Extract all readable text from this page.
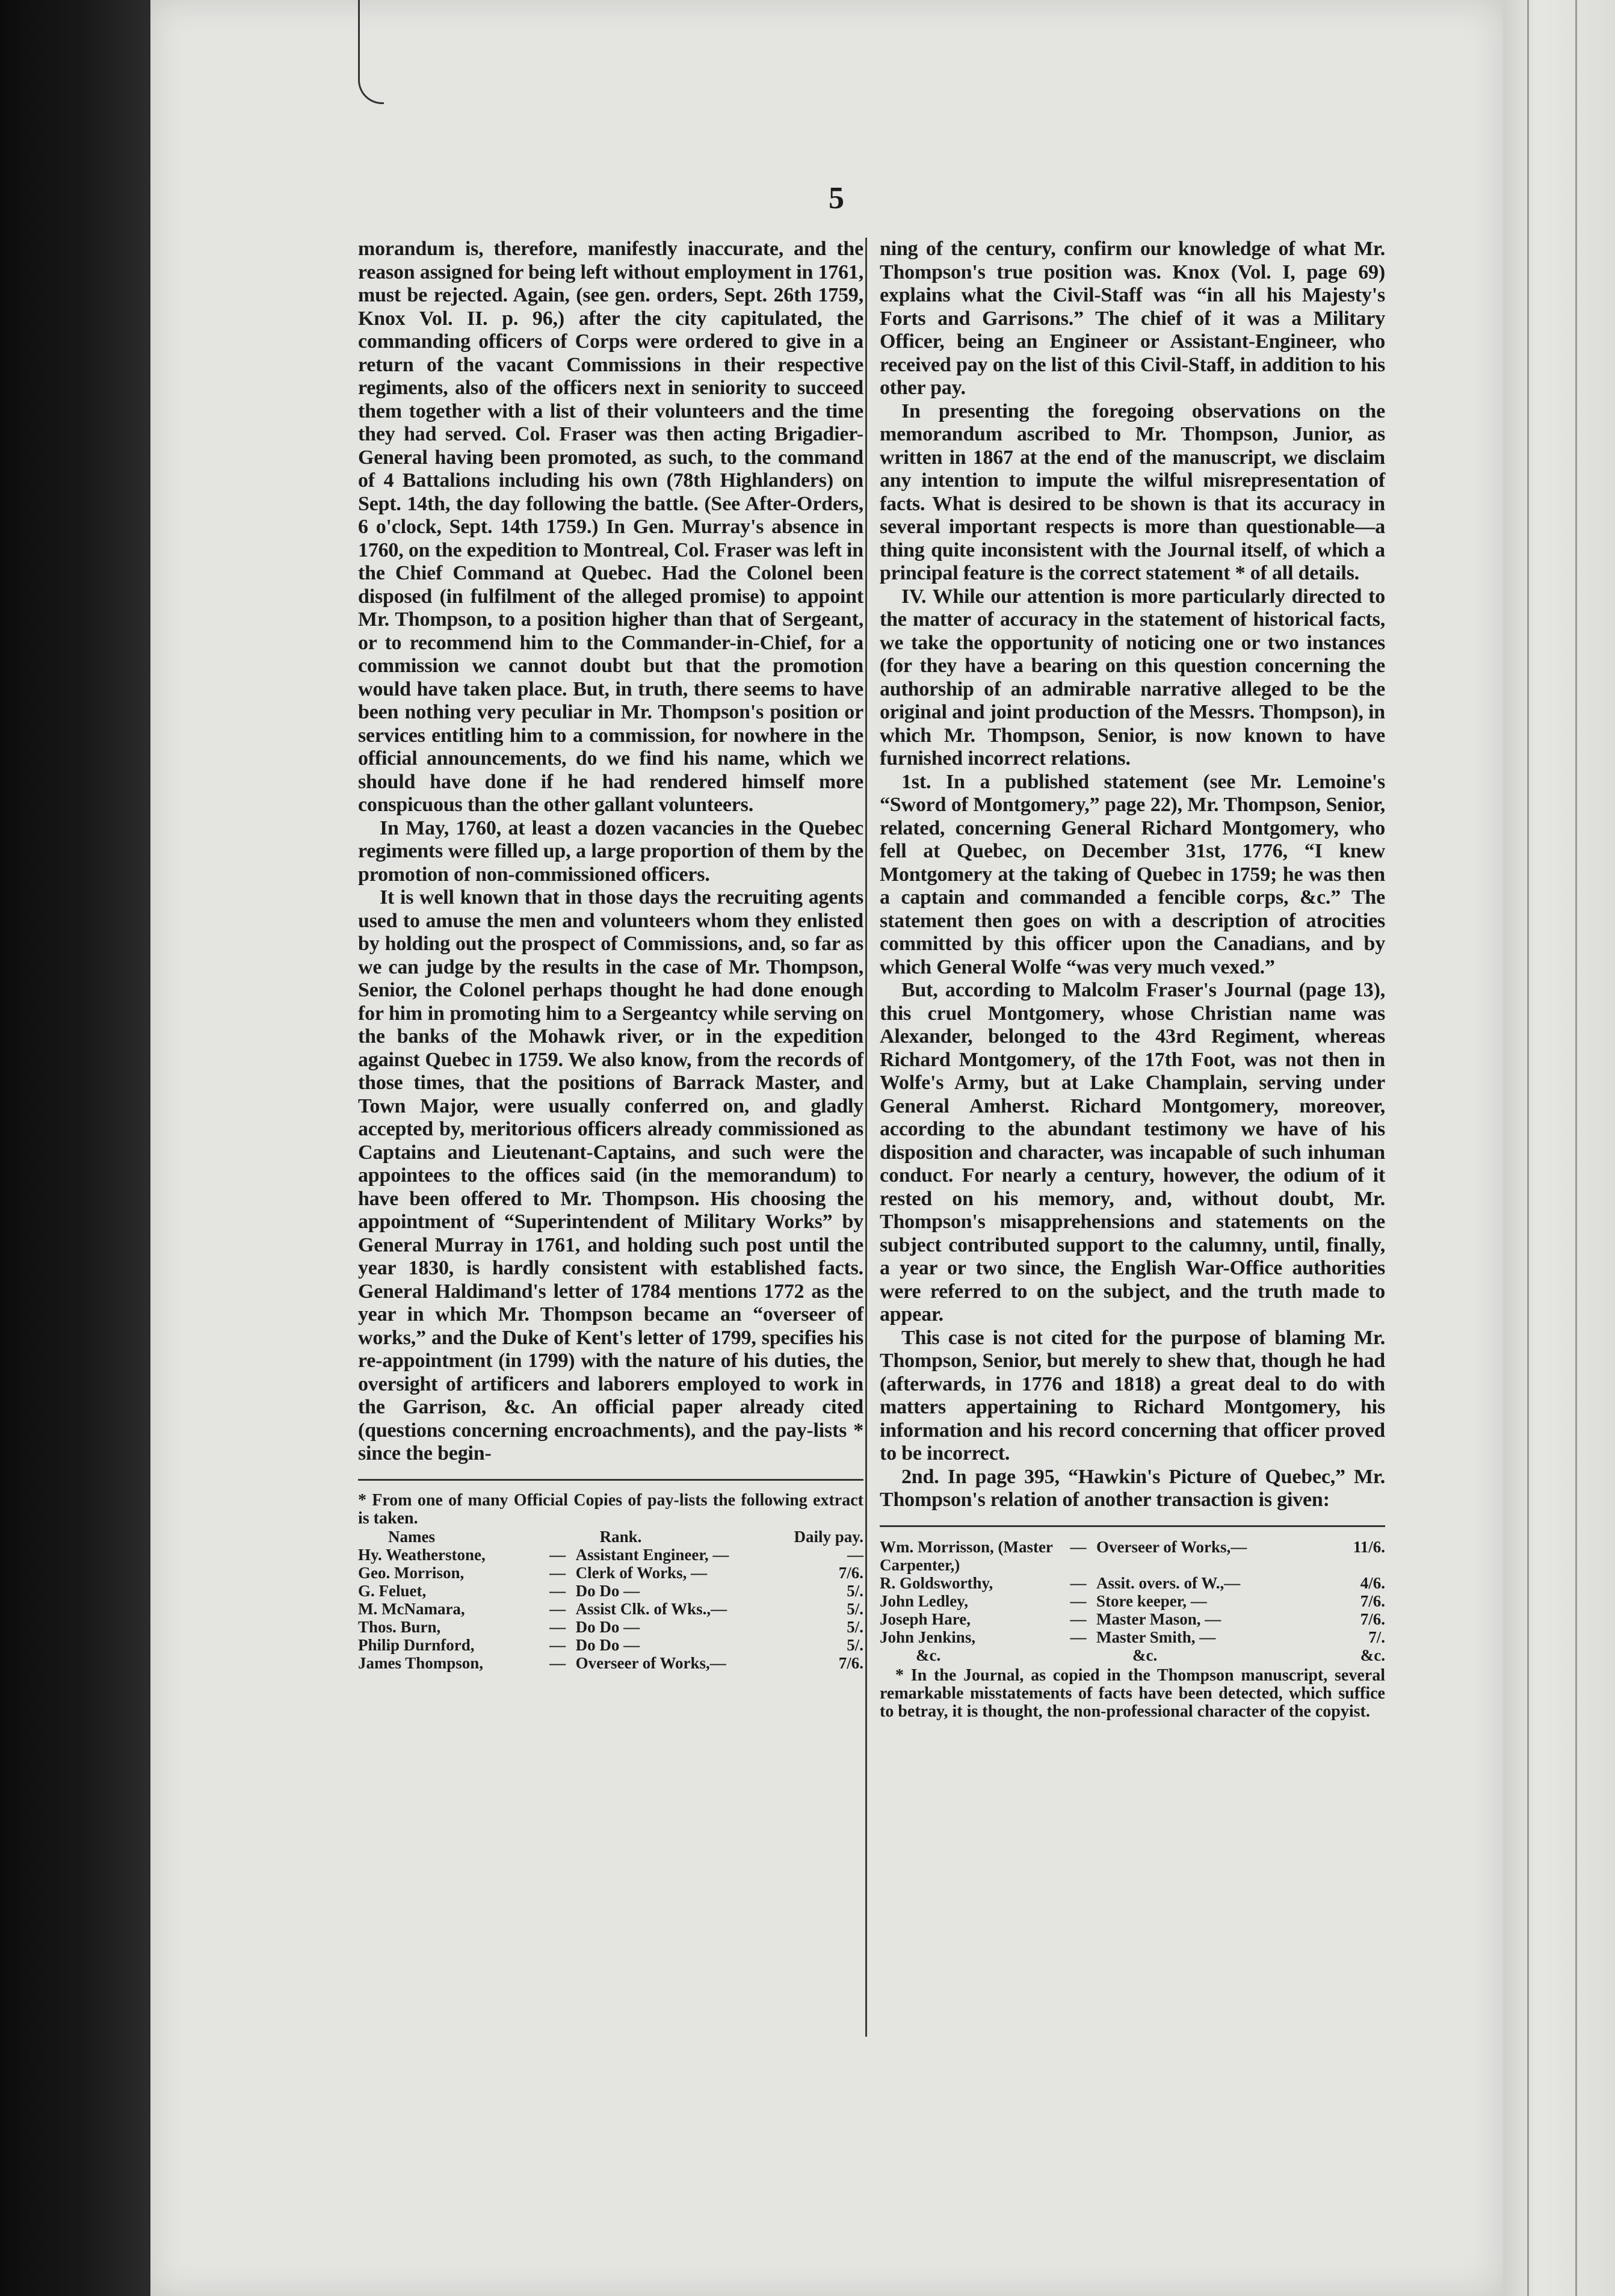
5

morandum is, therefore, manifestly inaccurate, and the reason assigned for being left without employment in 1761, must be rejected. Again, (see gen. orders, Sept. 26th 1759, Knox Vol. II. p. 96,) after the city capitulated, the commanding officers of Corps were ordered to give in a return of the vacant Commissions in their respective regiments, also of the officers next in seniority to succeed them together with a list of their volunteers and the time they had served. Col. Fraser was then acting Brigadier-General having been promoted, as such, to the command of 4 Battalions including his own (78th Highlanders) on Sept. 14th, the day following the battle. (See After-Orders, 6 o'clock, Sept. 14th 1759.) In Gen. Murray's absence in 1760, on the expedition to Montreal, Col. Fraser was left in the Chief Command at Quebec. Had the Colonel been disposed (in fulfilment of the alleged promise) to appoint Mr. Thompson, to a position higher than that of Sergeant, or to recommend him to the Commander-in-Chief, for a commission we cannot doubt but that the promotion would have taken place. But, in truth, there seems to have been nothing very peculiar in Mr. Thompson's position or services entitling him to a commission, for nowhere in the official announcements, do we find his name, which we should have done if he had rendered himself more conspicuous than the other gallant volunteers.

In May, 1760, at least a dozen vacancies in the Quebec regiments were filled up, a large proportion of them by the promotion of non-commissioned officers.

It is well known that in those days the recruiting agents used to amuse the men and volunteers whom they enlisted by holding out the prospect of Commissions, and, so far as we can judge by the results in the case of Mr. Thompson, Senior, the Colonel perhaps thought he had done enough for him in promoting him to a Sergeantcy while serving on the banks of the Mohawk river, or in the expedition against Quebec in 1759. We also know, from the records of those times, that the positions of Barrack Master, and Town Major, were usually conferred on, and gladly accepted by, meritorious officers already commissioned as Captains and Lieutenant-Captains, and such were the appointees to the offices said (in the memorandum) to have been offered to Mr. Thompson. His choosing the appointment of “Superintendent of Military Works” by General Murray in 1761, and holding such post until the year 1830, is hardly consistent with established facts. General Haldimand's letter of 1784 mentions 1772 as the year in which Mr. Thompson became an “overseer of works,” and the Duke of Kent's letter of 1799, specifies his re-appointment (in 1799) with the nature of his duties, the oversight of artificers and laborers employed to work in the Garrison, &c. An official paper already cited (questions concerning encroachments), and the pay-lists * since the begin-

* From one of many Official Copies of pay-lists the following extract is taken.
Names		Rank.	Daily pay.
Hy. Weatherstone,	—	Assistant Engineer, —	—
Geo. Morrison,	—	Clerk of Works, —	7/6.
G. Feluet,	—	Do Do —	5/.
M. McNamara,	—	Assist Clk. of Wks.,—	5/.
Thos. Burn,	—	Do Do —	5/.
Philip Durnford,	—	Do Do —	5/.
James Thompson,	—	Overseer of Works,—	7/6.

ning of the century, confirm our knowledge of what Mr. Thompson's true position was. Knox (Vol. I, page 69) explains what the Civil-Staff was “in all his Majesty's Forts and Garrisons.” The chief of it was a Military Officer, being an Engineer or Assistant-Engineer, who received pay on the list of this Civil-Staff, in addition to his other pay.

In presenting the foregoing observations on the memorandum ascribed to Mr. Thompson, Junior, as written in 1867 at the end of the manuscript, we disclaim any intention to impute the wilful misrepresentation of facts. What is desired to be shown is that its accuracy in several important respects is more than questionable—a thing quite inconsistent with the Journal itself, of which a principal feature is the correct statement * of all details.

IV. While our attention is more particularly directed to the matter of accuracy in the statement of historical facts, we take the opportunity of noticing one or two instances (for they have a bearing on this question concerning the authorship of an admirable narrative alleged to be the original and joint production of the Messrs. Thompson), in which Mr. Thompson, Senior, is now known to have furnished incorrect relations.

1st. In a published statement (see Mr. Lemoine's “Sword of Montgomery,” page 22), Mr. Thompson, Senior, related, concerning General Richard Montgomery, who fell at Quebec, on December 31st, 1776, “I knew Montgomery at the taking of Quebec in 1759; he was then a captain and commanded a fencible corps, &c.” The statement then goes on with a description of atrocities committed by this officer upon the Canadians, and by which General Wolfe “was very much vexed.”

But, according to Malcolm Fraser's Journal (page 13), this cruel Montgomery, whose Christian name was Alexander, belonged to the 43rd Regiment, whereas Richard Montgomery, of the 17th Foot, was not then in Wolfe's Army, but at Lake Champlain, serving under General Amherst. Richard Montgomery, moreover, according to the abundant testimony we have of his disposition and character, was incapable of such inhuman conduct. For nearly a century, however, the odium of it rested on his memory, and, without doubt, Mr. Thompson's misapprehensions and statements on the subject contributed support to the calumny, until, finally, a year or two since, the English War-Office authorities were referred to on the subject, and the truth made to appear.

This case is not cited for the purpose of blaming Mr. Thompson, Senior, but merely to shew that, though he had (afterwards, in 1776 and 1818) a great deal to do with matters appertaining to Richard Montgomery, his information and his record concerning that officer proved to be incorrect.

2nd. In page 395, “Hawkin's Picture of Quebec,” Mr. Thompson's relation of another transaction is given:

Wm. Morrisson, (Master Carpenter,)	—	Overseer of Works,—	11/6.
R. Goldsworthy,	—	Assit. overs. of W.,—	4/6.
John Ledley,	—	Store keeper, —	7/6.
Joseph Hare,	—	Master Mason, —	7/6.
John Jenkins,	—	Master Smith, —	7/.
&c.		&c.	&c.
* In the Journal, as copied in the Thompson manuscript, several remarkable misstatements of facts have been detected, which suffice to betray, it is thought, the non-professional character of the copyist.
